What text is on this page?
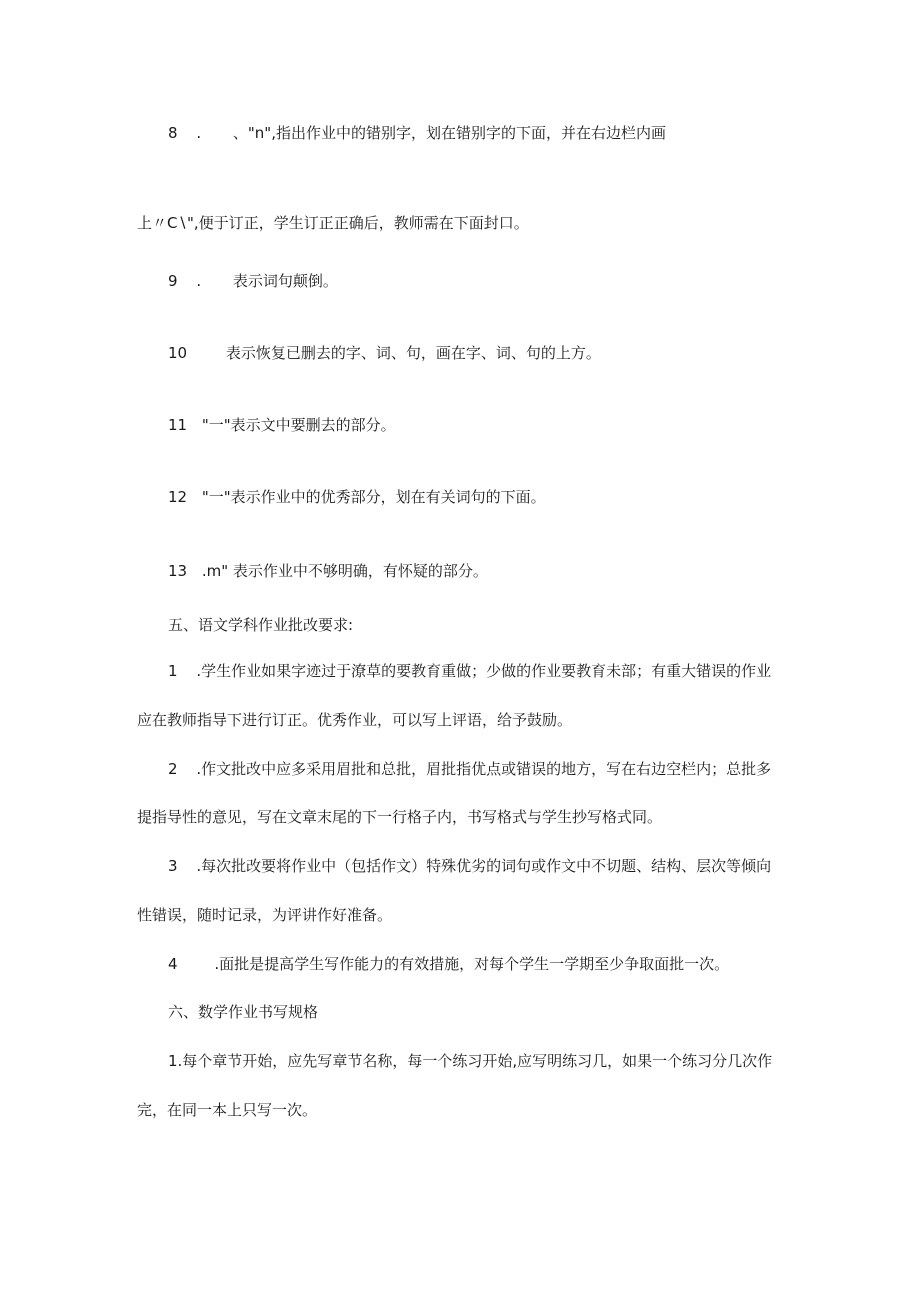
8 . 、"n",指出作业中的错别字，划在错别字的下面，并在右边栏内画
上〃C∖",便于订正，学生订正正确后，教师需在下面封口。
9 . 表示词句颠倒。
10	表示恢复已删去的字、词、句，画在字、词、句的上方。
11 "一"表示文中要删去的部分。
12 "一"表示作业中的优秀部分，划在有关词句的下面。
13 .m" 表示作业中不够明确，有怀疑的部分。
五、语文学科作业批改要求:
1 .学生作业如果字迹过于潦草的要教育重做；少做的作业要教育未部；有重大错误的作业
应在教师指导下进行订正。优秀作业，可以写上评语，给予鼓励。
2 .作文批改中应多采用眉批和总批，眉批指优点或错误的地方，写在右边空栏内；总批多
提指导性的意见，写在文章末尾的下一行格子内，书写格式与学生抄写格式同。
3 .每次批改要将作业中（包括作文）特殊优劣的词句或作文中不切题、结构、层次等倾向
性错误，随时记录，为评讲作好准备。
4 .面批是提高学生写作能力的有效措施，对每个学生一学期至少争取面批一次。
六、数学作业书写规格
1.每个章节开始，应先写章节名称，每一个练习开始,应写明练习几，如果一个练习分几次作
完，在同一本上只写一次。
